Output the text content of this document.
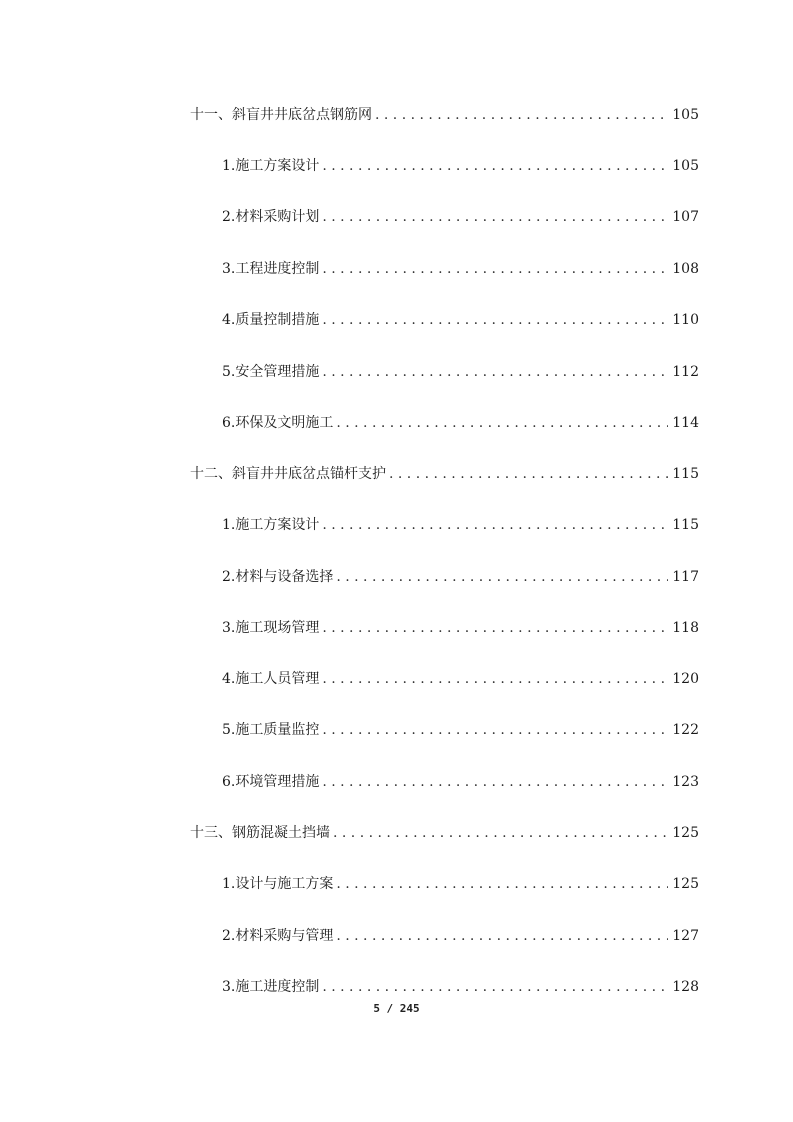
十一、斜盲井井底岔点钢筋网 . . .	105
1.施工方案设计 . . .	105
2.材料采购计划 . . .	107
3.工程进度控制 . . .	108
4.质量控制措施 . . .	110
5.安全管理措施 . . .	112
6.环保及文明施工 . . .	114
十二、斜盲井井底岔点锚杆支护 . . .	115
1.施工方案设计 . . .	115
2.材料与设备选择 . . .	117
3.施工现场管理 . . .	118
4.施工人员管理 . . .	120
5.施工质量监控 . . .	122
6.环境管理措施 . . .	123
十三、钢筋混凝土挡墙 . . .	125
1.设计与施工方案 . . .	125
2.材料采购与管理 . . .	127
3.施工进度控制 . . .	128
5 / 245
